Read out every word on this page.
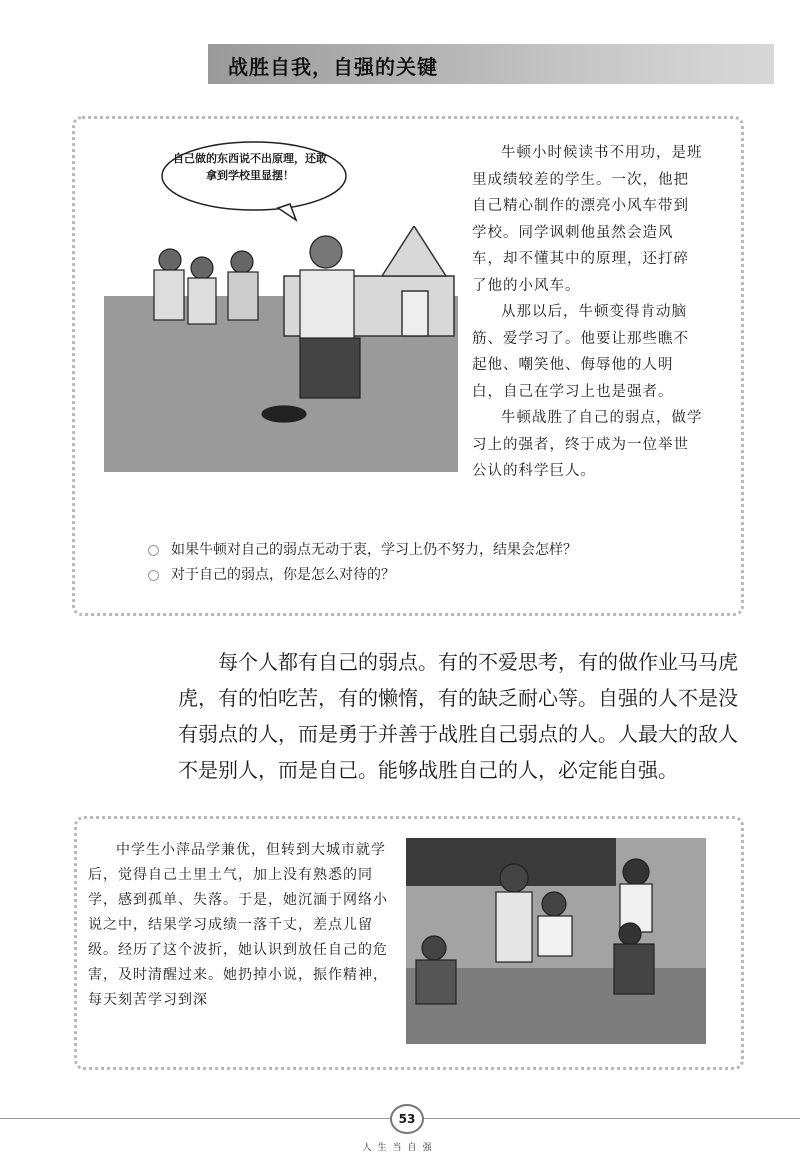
战胜自我，自强的关键
自己做的东西说不出原理，还敢拿到学校里显摆！

牛顿小时候读书不用功，是班里成绩较差的学生。一次，他把自己精心制作的漂亮小风车带到学校。同学讽刺他虽然会造风车，却不懂其中的原理，还打碎了他的小风车。

从那以后，牛顿变得肯动脑筋、爱学习了。他要让那些瞧不起他、嘲笑他、侮辱他的人明白，自己在学习上也是强者。

牛顿战胜了自己的弱点，做学习上的强者，终于成为一位举世公认的科学巨人。

如果牛顿对自己的弱点无动于衷，学习上仍不努力，结果会怎样？
对于自己的弱点，你是怎么对待的？

每个人都有自己的弱点。有的不爱思考，有的做作业马马虎虎，有的怕吃苦，有的懒惰，有的缺乏耐心等。自强的人不是没有弱点的人，而是勇于并善于战胜自己弱点的人。人最大的敌人不是别人，而是自己。能够战胜自己的人，必定能自强。

中学生小萍品学兼优，但转到大城市就学后，觉得自己土里土气，加上没有熟悉的同学，感到孤单、失落。于是，她沉湎于网络小说之中，结果学习成绩一落千丈，差点儿留级。经历了这个波折，她认识到放任自己的危害，及时清醒过来。她扔掉小说，振作精神，每天刻苦学习到深

53
人生当自强
